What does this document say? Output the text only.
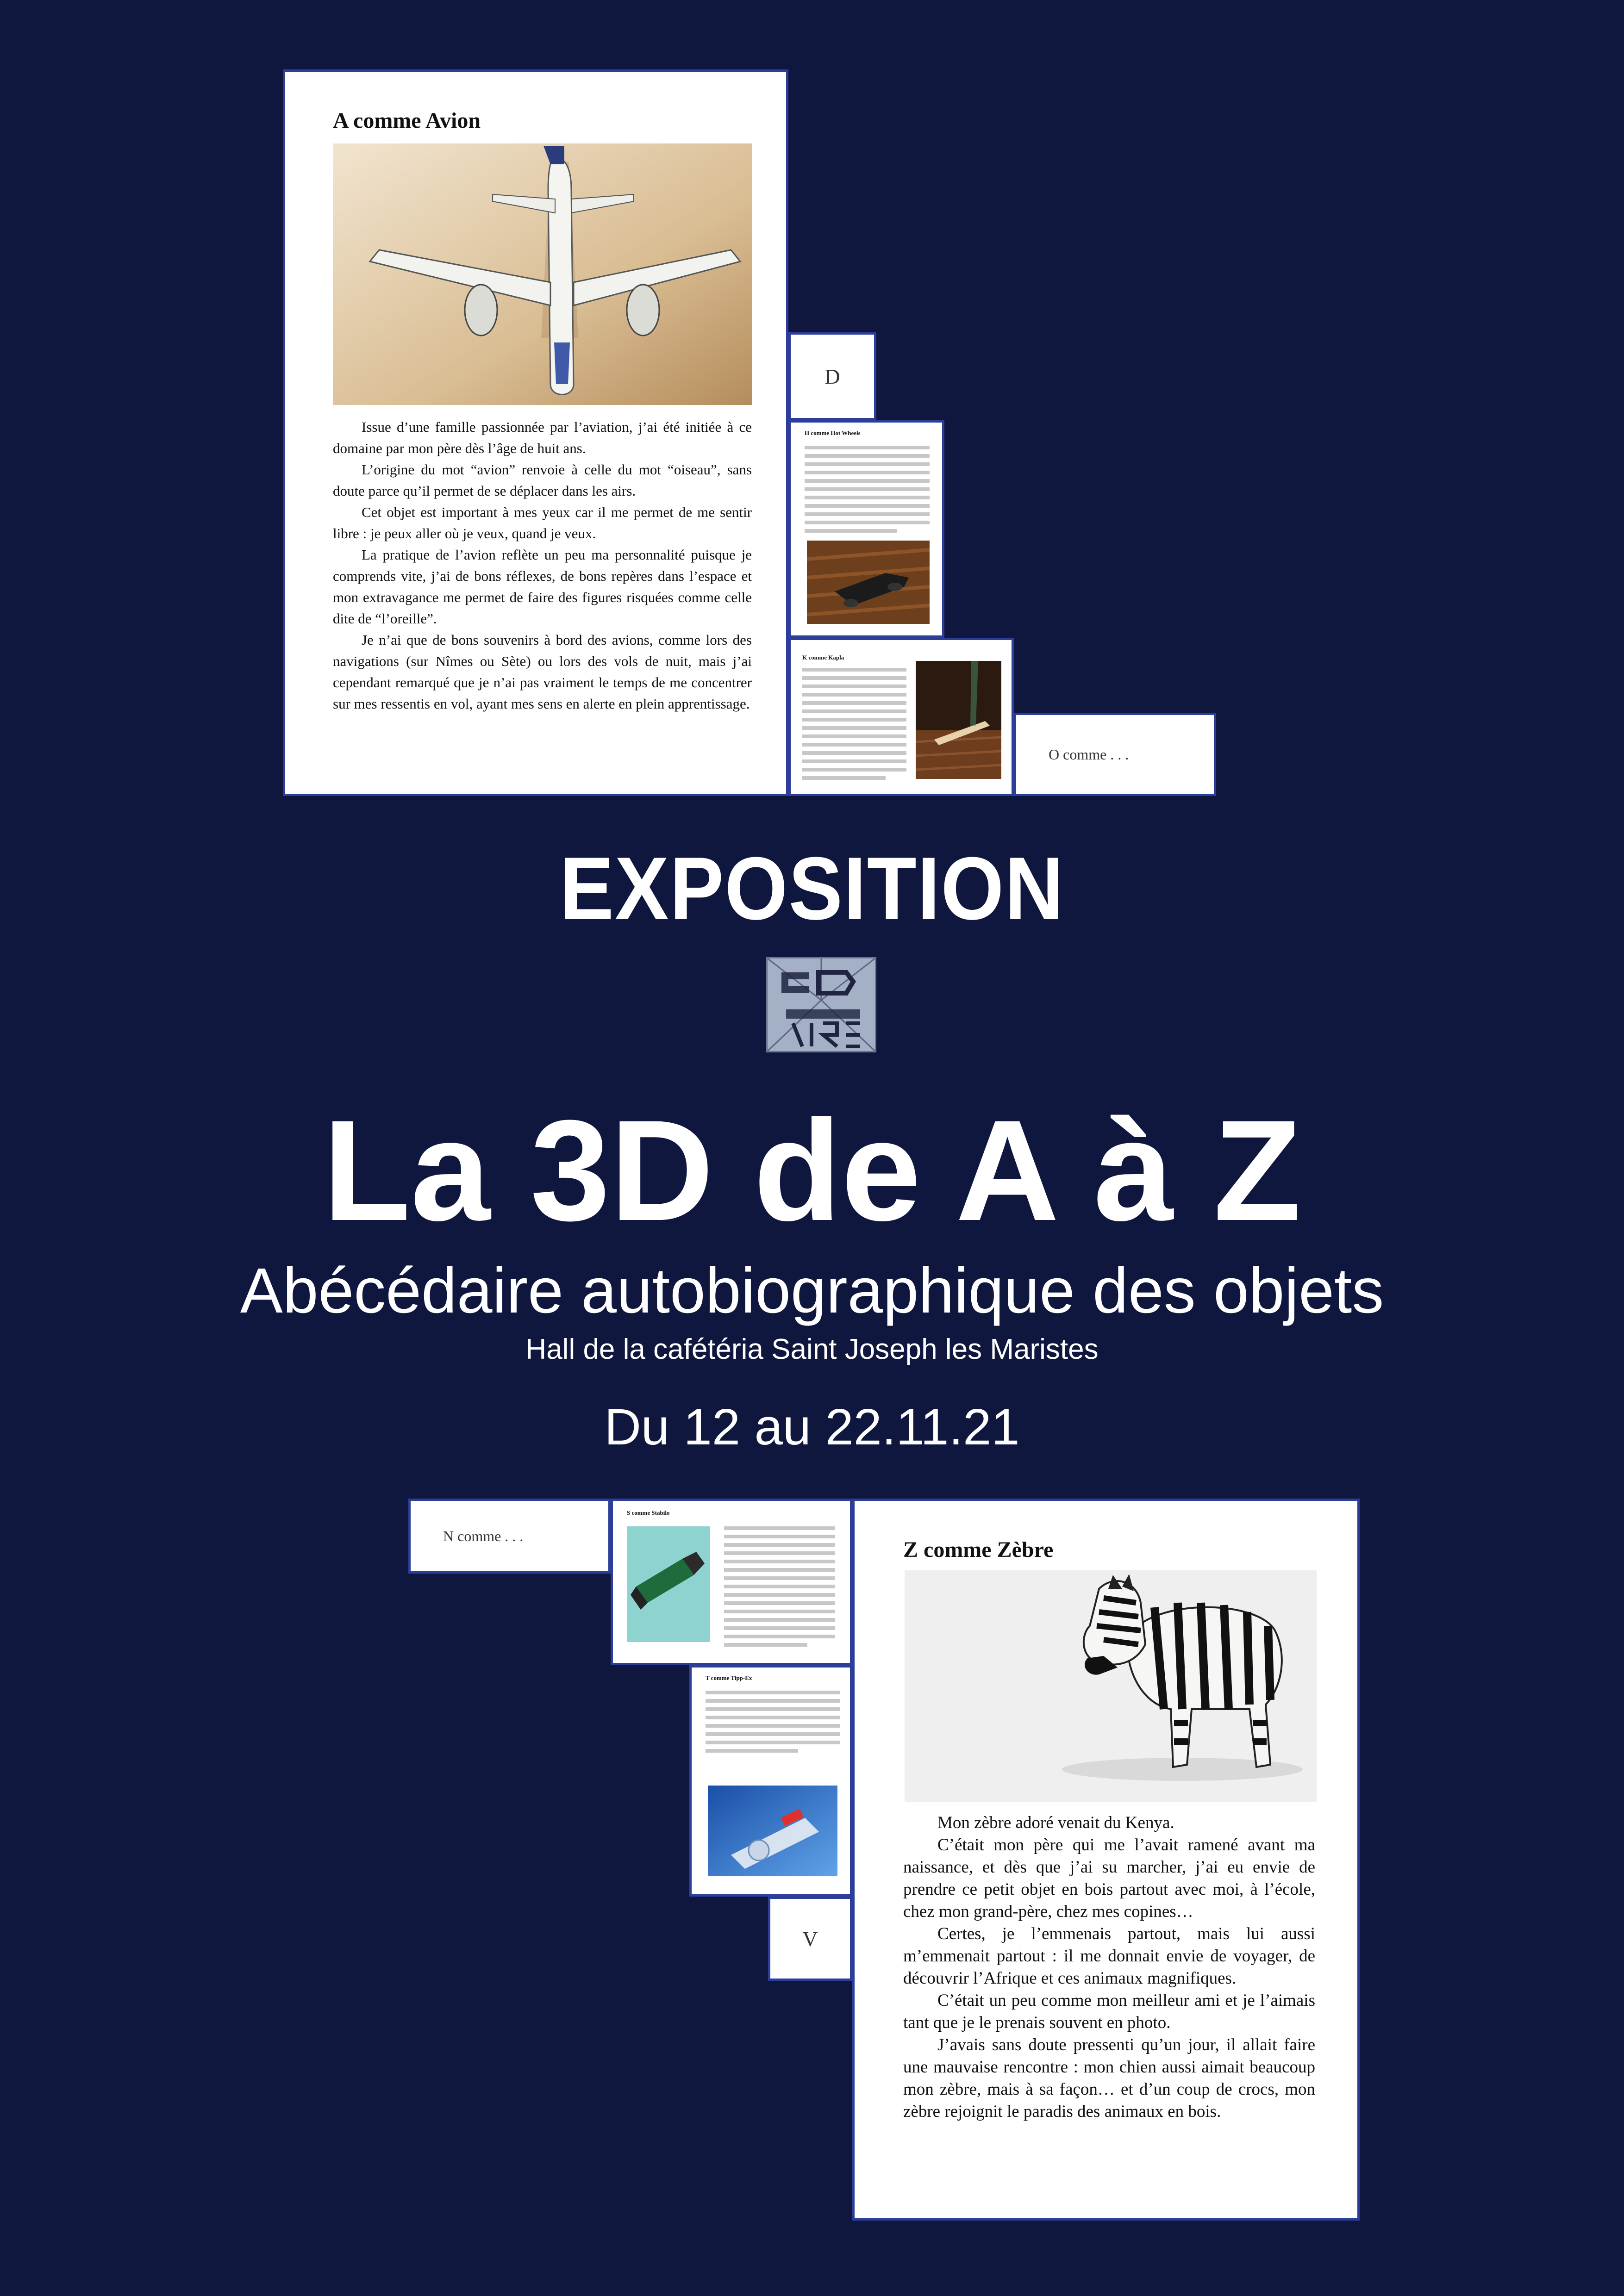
A comme Avion

Issue d’une famille passionnée par l’aviation, j’ai été initiée à ce domaine par mon père dès l’âge de huit ans.

L’origine du mot “avion” renvoie à celle du mot “oiseau”, sans doute parce qu’il permet de se déplacer dans les airs.

Cet objet est important à mes yeux car il me permet de me sentir libre : je peux aller où je veux, quand je veux.

La pratique de l’avion reflète un peu ma personnalité puisque je comprends vite, j’ai de bons réflexes, de bons repères dans l’espace et mon extravagance me permet de faire des figures risquées comme celle dite de “l’oreille”.

Je n’ai que de bons souvenirs à bord des avions, comme lors des navigations (sur Nîmes ou Sète) ou lors des vols de nuit, mais j’ai cependant remarqué que je n’ai pas vraiment le temps de me concentrer sur mes ressentis en vol, ayant mes sens en alerte en plein apprentissage.

D
H comme Hot Wheels
K comme Kapla
O comme . . .
EXPOSITION
La 3D de A à Z
Abécédaire autobiographique des objets
Hall de la cafétéria Saint Joseph les Maristes
Du 12 au 22.11.21
N comme . . .
S comme Stabilo
T comme Tipp-Ex
V
Z comme Zèbre

Mon zèbre adoré venait du Kenya.

C’était mon père qui me l’avait ramené avant ma naissance, et dès que j’ai su marcher, j’ai eu envie de prendre ce petit objet en bois partout avec moi, à l’école, chez mon grand-père, chez mes copines…

Certes, je l’emmenais partout, mais lui aussi m’emmenait partout : il me donnait envie de voyager, de découvrir l’Afrique et ces animaux magnifiques.

C’était un peu comme mon meilleur ami et je l’aimais tant que je le prenais souvent en photo.

J’avais sans doute pressenti qu’un jour, il allait faire une mauvaise rencontre : mon chien aussi aimait beaucoup mon zèbre, mais à sa façon… et d’un coup de crocs, mon zèbre rejoignit le paradis des animaux en bois.
